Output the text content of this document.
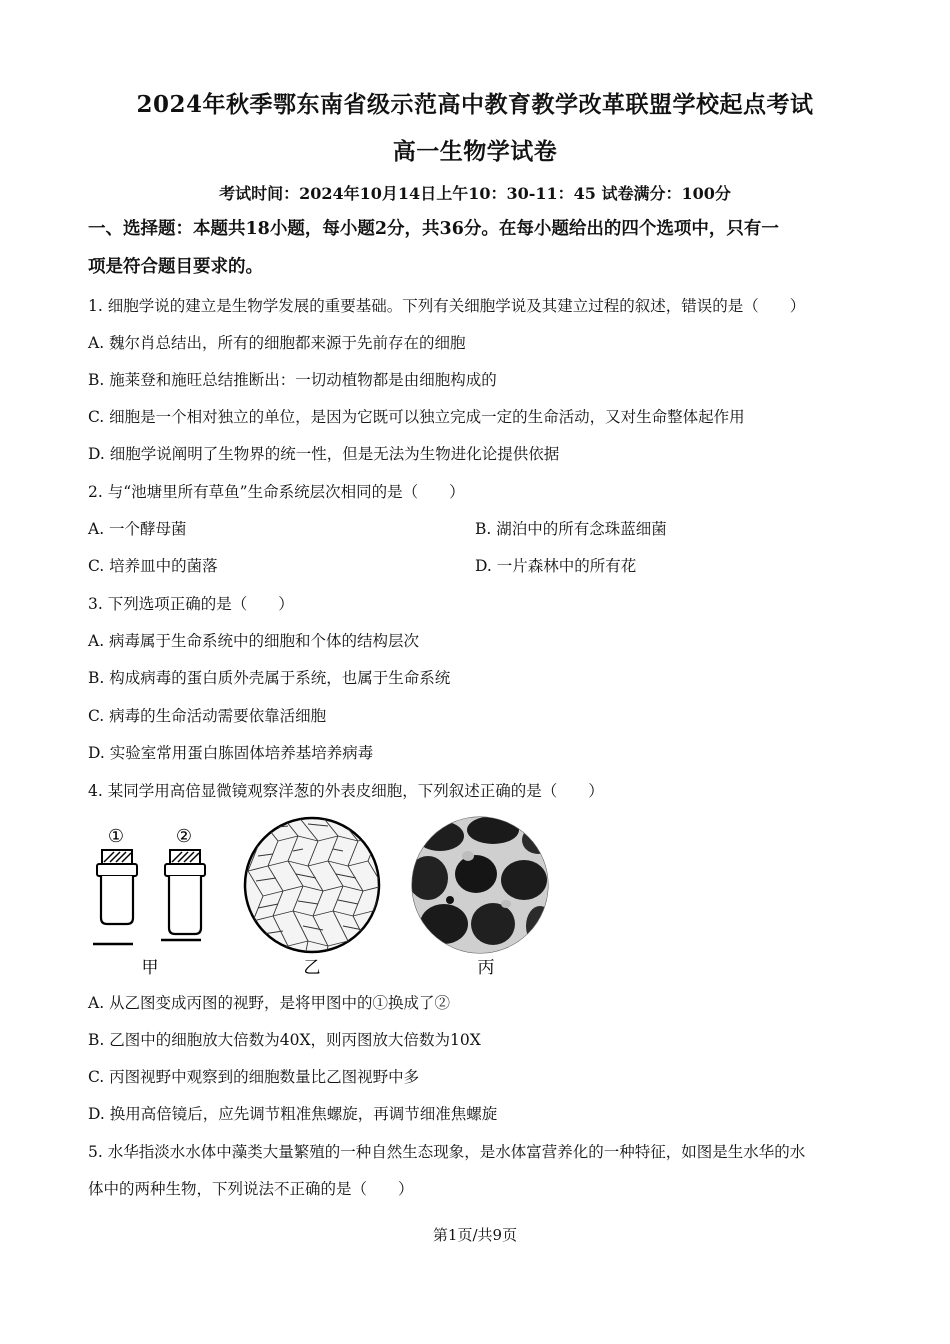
2024年秋季鄂东南省级示范高中教育教学改革联盟学校起点考试
高一生物学试卷
考试时间：2024年10月14日上午10：30-11：45 试卷满分：100分
一、选择题：本题共18小题，每小题2分，共36分。在每小题给出的四个选项中，只有一
项是符合题目要求的。
1. 细胞学说的建立是生物学发展的重要基础。下列有关细胞学说及其建立过程的叙述，错误的是（　　）
A. 魏尔肖总结出，所有的细胞都来源于先前存在的细胞
B. 施莱登和施旺总结推断出：一切动植物都是由细胞构成的
C. 细胞是一个相对独立的单位，是因为它既可以独立完成一定的生命活动，又对生命整体起作用
D. 细胞学说阐明了生物界的统一性，但是无法为生物进化论提供依据
2. 与“池塘里所有草鱼”生命系统层次相同的是（　　）
A. 一个酵母菌	B. 湖泊中的所有念珠蓝细菌
C. 培养皿中的菌落	D. 一片森林中的所有花
3. 下列选项正确的是（　　）
A. 病毒属于生命系统中的细胞和个体的结构层次
B. 构成病毒的蛋白质外壳属于系统，也属于生命系统
C. 病毒的生命活动需要依靠活细胞
D. 实验室常用蛋白胨固体培养基培养病毒
4. 某同学用高倍显微镜观察洋葱的外表皮细胞，下列叙述正确的是（　　）
①	②
甲	乙	丙
A. 从乙图变成丙图的视野，是将甲图中的①换成了②
B. 乙图中的细胞放大倍数为40X，则丙图放大倍数为10X
C. 丙图视野中观察到的细胞数量比乙图视野中多
D. 换用高倍镜后，应先调节粗准焦螺旋，再调节细准焦螺旋
5. 水华指淡水水体中藻类大量繁殖的一种自然生态现象，是水体富营养化的一种特征，如图是生水华的水
体中的两种生物，下列说法不正确的是（　　）
第1页/共9页
